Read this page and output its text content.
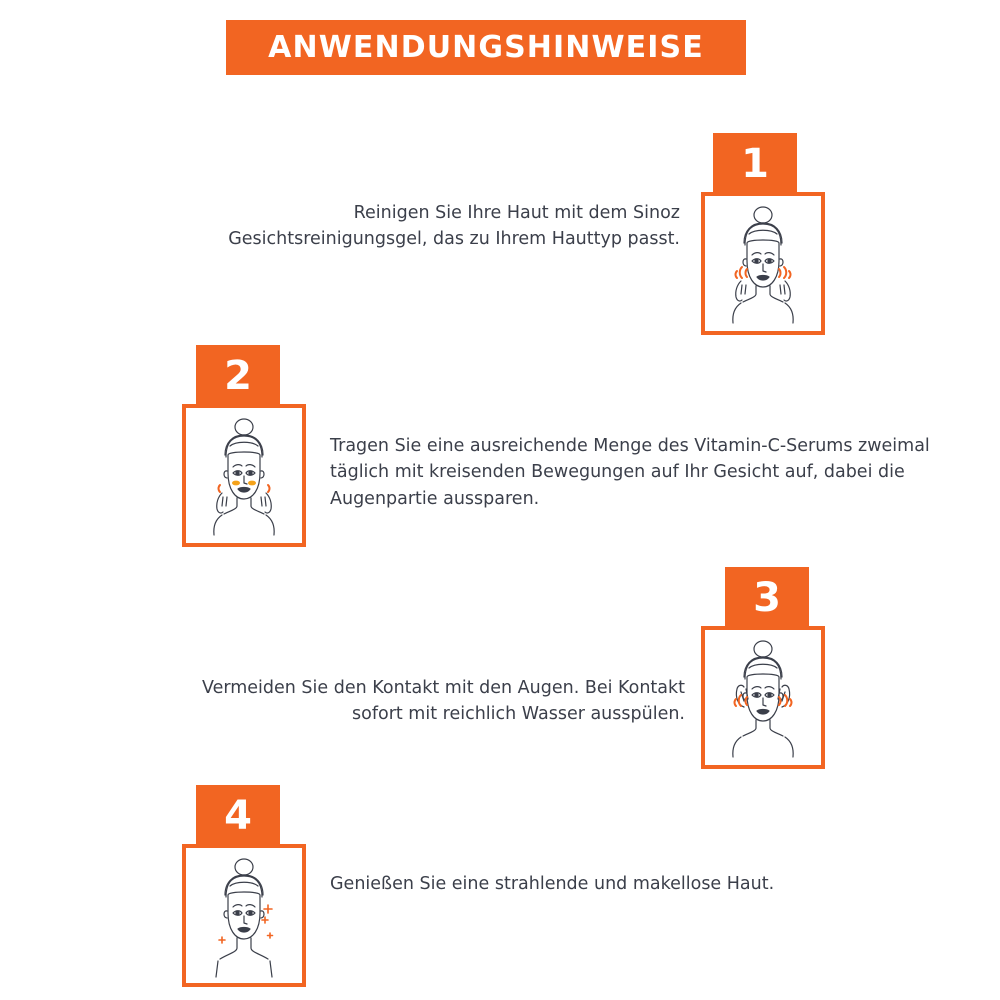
ANWENDUNGSHINWEISE
1
Reinigen Sie Ihre Haut mit dem Sinoz Gesichtsreinigungsgel, das zu Ihrem Hauttyp passt.
2
Tragen Sie eine ausreichende Menge des Vitamin-C-Serums zweimal täglich mit kreisenden Bewegungen auf Ihr Gesicht auf, dabei die Augenpartie aussparen.
3
Vermeiden Sie den Kontakt mit den Augen. Bei Kontakt sofort mit reichlich Wasser ausspülen.
4
Genießen Sie eine strahlende und makellose Haut.
